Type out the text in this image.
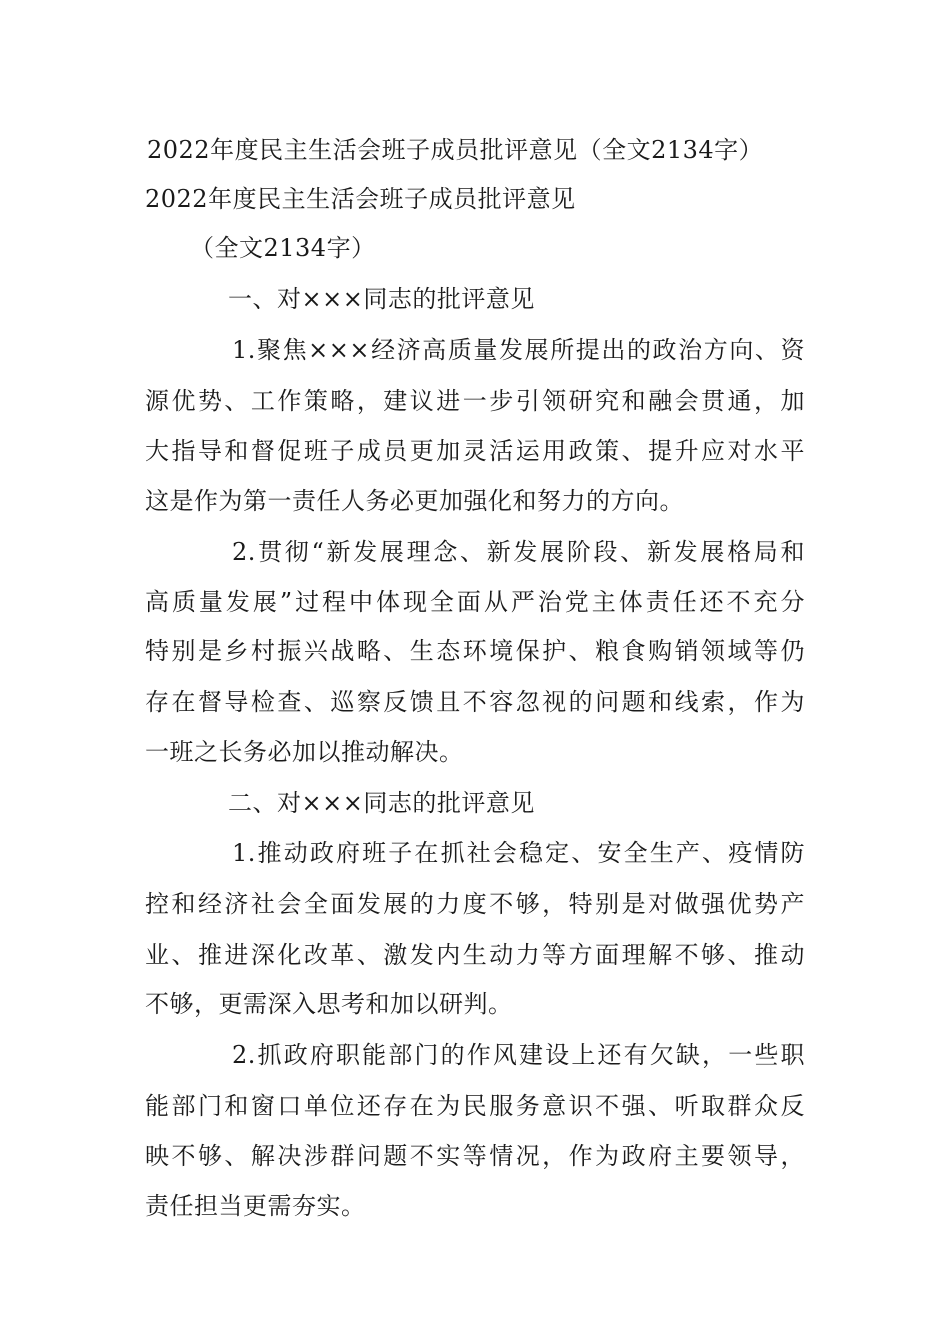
2022年度民主生活会班子成员批评意见（全文2134字）
2022年度民主生活会班子成员批评意见
（全文2134字）
一、对×××同志的批评意见
1.聚焦×××经济高质量发展所提出的政治方向、资
源优势、工作策略，建议进一步引领研究和融会贯通，加
大指导和督促班子成员更加灵活运用政策、提升应对水平
这是作为第一责任人务必更加强化和努力的方向。
2.贯彻“新发展理念、新发展阶段、新发展格局和
高质量发展”过程中体现全面从严治党主体责任还不充分
特别是乡村振兴战略、生态环境保护、粮食购销领域等仍
存在督导检查、巡察反馈且不容忽视的问题和线索，作为
一班之长务必加以推动解决。
二、对×××同志的批评意见
1.推动政府班子在抓社会稳定、安全生产、疫情防
控和经济社会全面发展的力度不够，特别是对做强优势产
业、推进深化改革、激发内生动力等方面理解不够、推动
不够，更需深入思考和加以研判。
2.抓政府职能部门的作风建设上还有欠缺，一些职
能部门和窗口单位还存在为民服务意识不强、听取群众反
映不够、解决涉群问题不实等情况，作为政府主要领导，
责任担当更需夯实。
